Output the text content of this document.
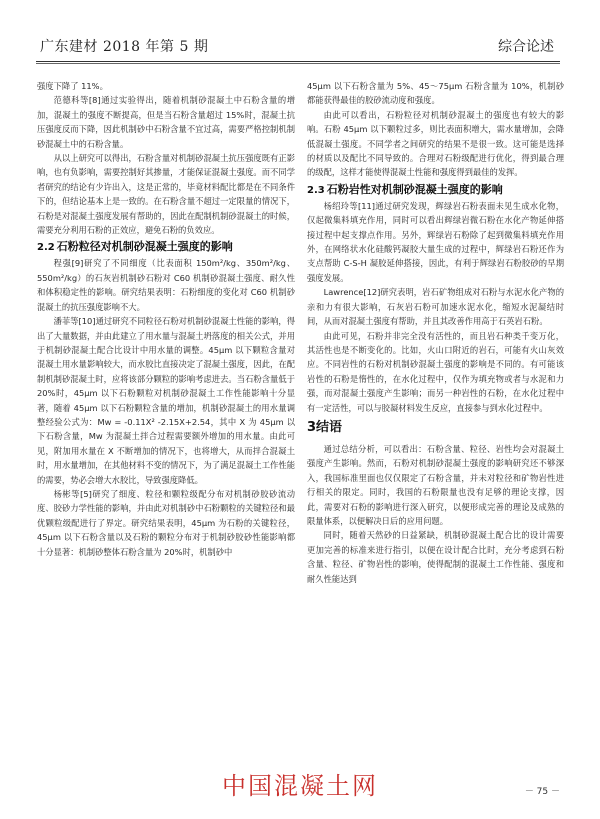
广东建材 2018 年第 5 期	综合论述

强度下降了 11%。

范德科等[8]通过实验得出，随着机制砂混凝土中石粉含量的增加，混凝土的强度不断提高，但是当石粉含量超过 15%时，混凝土抗压强度反而下降，因此机制砂中石粉含量不宜过高，需要严格控制机制砂混凝土中的石粉含量。

从以上研究可以得出，石粉含量对机制砂混凝土抗压强度既有正影响，也有负影响，需要控制好其掺量，才能保证混凝土强度。而不同学者研究的结论有少许出入，这是正常的，毕竟材料配比都是在不同条件下的，但结论基本上是一致的。在石粉含量不超过一定限量的情况下，石粉是对混凝土强度发展有帮助的，因此在配制机制砂混凝土的时候，需要充分利用石粉的正效应，避免石粉的负效应。

2.2 石粉粒径对机制砂混凝土强度的影响

程强[9]研究了不同细度（比表面积 150m²/kg、350m²/kg、550m²/kg）的石灰岩机制砂石粉对 C60 机制砂混凝土强度、耐久性和体积稳定性的影响。研究结果表明：石粉细度的变化对 C60 机制砂混凝土的抗压强度影响不大。

潘菲等[10]通过研究不同粒径石粉对机制砂混凝土性能的影响，得出了大量数据，并由此建立了用水量与混凝土坍落度的相关公式，并用于机制砂混凝土配合比设计中用水量的调整。45μm 以下颗粒含量对混凝土用水量影响较大，而水胶比直接决定了混凝土强度，因此，在配制机制砂混凝土时，应将该部分颗粒的影响考虑进去。当石粉含量低于 20%时，45μm 以下石粉颗粒对机制砂混凝土工作性能影响十分显著，随着 45μm 以下石粉颗粒含量的增加，机制砂混凝土的用水量调整经验公式为：Mw = -0.11X² -2.15X+2.54，其中 X 为 45μm 以下石粉含量，Mw 为混凝土拌合过程需要额外增加的用水量。由此可见，附加用水量在 X 不断增加的情况下，也将增大，从而拌合混凝土时，用水量增加，在其他材料不变的情况下，为了满足混凝土工作性能的需要，势必会增大水胶比，导致强度降低。

杨彬等[5]研究了细度、粒径和颗粒级配分布对机制砂胶砂流动度、胶砂力学性能的影响，并由此对机制砂中石粉颗粒的关键粒径和最优颗粒级配进行了界定。研究结果表明，45μm 为石粉的关键粒径，45μm 以下石粉含量以及石粉的颗粒分布对于机制砂胶砂性能影响都十分显著：机制砂整体石粉含量为 20%时，机制砂中

45μm 以下石粉含量为 5%、45～75μm 石粉含量为 10%，机制砂都能获得最佳的胶砂流动度和强度。

由此可以看出，石粉粒径对机制砂混凝土的强度也有较大的影响。石粉 45μm 以下颗粒过多，则比表面积增大，需水量增加，会降低混凝土强度。不同学者之间研究的结果不是很一致。这可能是选择的材质以及配比不同导致的。合理对石粉级配进行优化，得到最合理的级配，这样才能使得混凝土性能和强度得到最佳的发挥。

2.3 石粉岩性对机制砂混凝土强度的影响

杨绍玲等[11]通过研究发现，辉绿岩石粉表面未见生成水化物，仅起微集料填充作用，同时可以看出辉绿岩微石粉在水化产物延伸搭接过程中起支撑点作用。另外，辉绿岩石粉除了起到微集料填充作用外，在网络状水化硅酸钙凝胶大量生成的过程中，辉绿岩石粉还作为支点帮助 C-S-H 凝胶延伸搭接，因此，有利于辉绿岩石粉胶砂的早期强度发展。

Lawrence[12]研究表明，岩石矿物组成对石粉与水泥水化产物的亲和力有很大影响，石灰岩石粉可加速水泥水化，缩短水泥凝结时间，从而对混凝土强度有帮助，并且其改善作用高于石英岩石粉。

由此可见，石粉并非完全没有活性的，而且岩石种类千变万化，其活性也是不断变化的。比如，火山口附近的岩石，可能有火山灰效应。不同岩性的石粉对机制砂混凝土强度的影响是不同的。有可能该岩性的石粉是惰性的，在水化过程中，仅作为填充物或者与水泥和力强，而对混凝土强度产生影响；而另一种岩性的石粉，在水化过程中有一定活性，可以与胶凝材料发生反应，直接参与到水化过程中。

3结语

通过总结分析，可以看出：石粉含量、粒径、岩性均会对混凝土强度产生影响。然而，石粉对机制砂混凝土强度的影响研究还不够深入，我国标准里面也仅仅限定了石粉含量，并未对粒径和矿物岩性进行相关的限定。同时，我国的石粉限量也没有足够的理论支撑，因此，需要对石粉的影响进行深入研究，以便形成完善的理论及成熟的限量体系，以便解决日后的应用问题。

同时，随着天然砂的日益紧缺，机制砂混凝土配合比的设计需要更加完善的标准来进行指引，以便在设计配合比时，充分考虑到石粉含量、粒径、矿物岩性的影响，使得配制的混凝土工作性能、强度和耐久性能达到

中国混凝土网	－ 75 －
